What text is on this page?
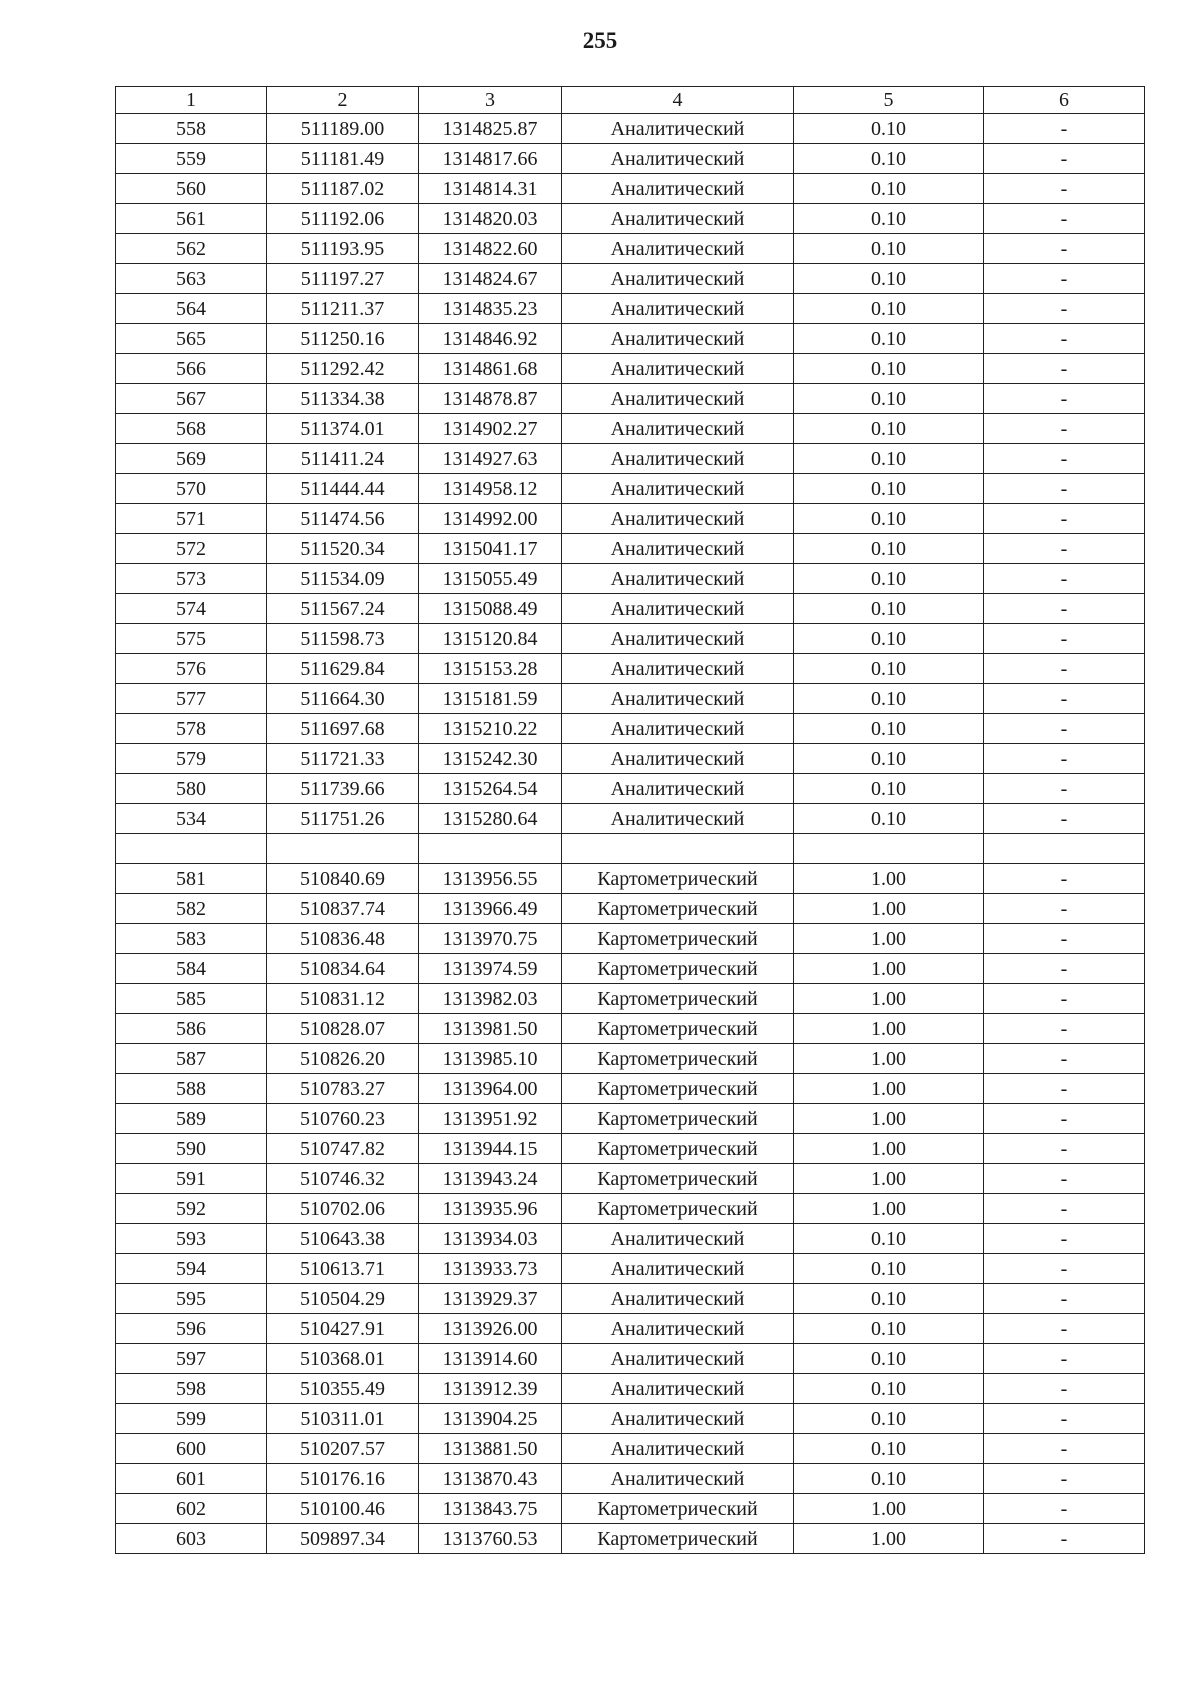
255
1	2	3	4	5	6
558	511189.00	1314825.87	Аналитический	0.10	-
559	511181.49	1314817.66	Аналитический	0.10	-
560	511187.02	1314814.31	Аналитический	0.10	-
561	511192.06	1314820.03	Аналитический	0.10	-
562	511193.95	1314822.60	Аналитический	0.10	-
563	511197.27	1314824.67	Аналитический	0.10	-
564	511211.37	1314835.23	Аналитический	0.10	-
565	511250.16	1314846.92	Аналитический	0.10	-
566	511292.42	1314861.68	Аналитический	0.10	-
567	511334.38	1314878.87	Аналитический	0.10	-
568	511374.01	1314902.27	Аналитический	0.10	-
569	511411.24	1314927.63	Аналитический	0.10	-
570	511444.44	1314958.12	Аналитический	0.10	-
571	511474.56	1314992.00	Аналитический	0.10	-
572	511520.34	1315041.17	Аналитический	0.10	-
573	511534.09	1315055.49	Аналитический	0.10	-
574	511567.24	1315088.49	Аналитический	0.10	-
575	511598.73	1315120.84	Аналитический	0.10	-
576	511629.84	1315153.28	Аналитический	0.10	-
577	511664.30	1315181.59	Аналитический	0.10	-
578	511697.68	1315210.22	Аналитический	0.10	-
579	511721.33	1315242.30	Аналитический	0.10	-
580	511739.66	1315264.54	Аналитический	0.10	-
534	511751.26	1315280.64	Аналитический	0.10	-

581	510840.69	1313956.55	Картометрический	1.00	-
582	510837.74	1313966.49	Картометрический	1.00	-
583	510836.48	1313970.75	Картометрический	1.00	-
584	510834.64	1313974.59	Картометрический	1.00	-
585	510831.12	1313982.03	Картометрический	1.00	-
586	510828.07	1313981.50	Картометрический	1.00	-
587	510826.20	1313985.10	Картометрический	1.00	-
588	510783.27	1313964.00	Картометрический	1.00	-
589	510760.23	1313951.92	Картометрический	1.00	-
590	510747.82	1313944.15	Картометрический	1.00	-
591	510746.32	1313943.24	Картометрический	1.00	-
592	510702.06	1313935.96	Картометрический	1.00	-
593	510643.38	1313934.03	Аналитический	0.10	-
594	510613.71	1313933.73	Аналитический	0.10	-
595	510504.29	1313929.37	Аналитический	0.10	-
596	510427.91	1313926.00	Аналитический	0.10	-
597	510368.01	1313914.60	Аналитический	0.10	-
598	510355.49	1313912.39	Аналитический	0.10	-
599	510311.01	1313904.25	Аналитический	0.10	-
600	510207.57	1313881.50	Аналитический	0.10	-
601	510176.16	1313870.43	Аналитический	0.10	-
602	510100.46	1313843.75	Картометрический	1.00	-
603	509897.34	1313760.53	Картометрический	1.00	-
